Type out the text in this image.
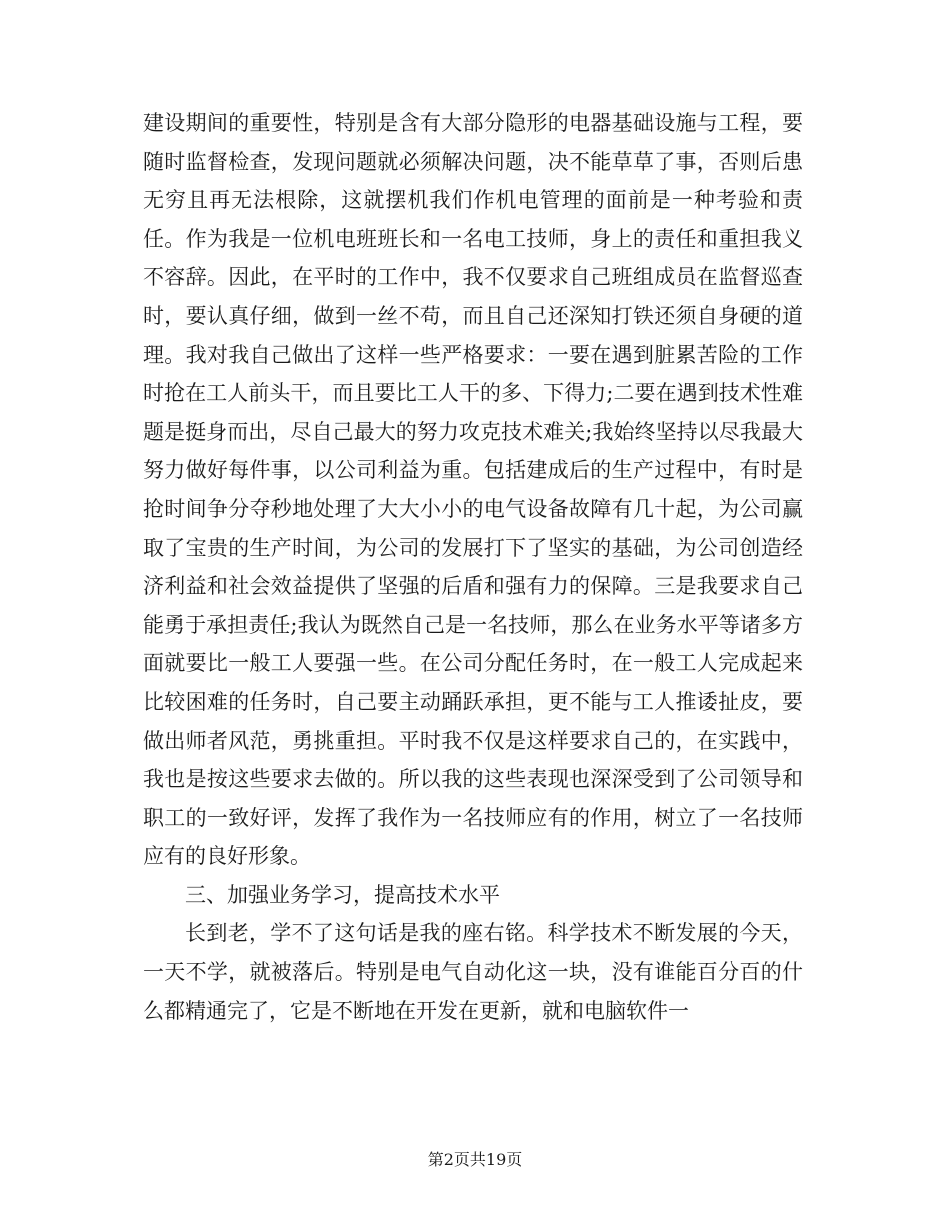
建设期间的重要性，特别是含有大部分隐形的电器基础设施与工程，要随时监督检查，发现问题就必须解决问题，决不能草草了事，否则后患无穷且再无法根除，这就摆机我们作机电管理的面前是一种考验和责任。作为我是一位机电班班长和一名电工技师，身上的责任和重担我义不容辞。因此，在平时的工作中，我不仅要求自己班组成员在监督巡查时，要认真仔细，做到一丝不苟，而且自己还深知打铁还须自身硬的道理。我对我自己做出了这样一些严格要求：一要在遇到脏累苦险的工作时抢在工人前头干，而且要比工人干的多、下得力;二要在遇到技术性难题是挺身而出，尽自己最大的努力攻克技术难关;我始终坚持以尽我最大努力做好每件事，以公司利益为重。包括建成后的生产过程中，有时是抢时间争分夺秒地处理了大大小小的电气设备故障有几十起，为公司赢取了宝贵的生产时间，为公司的发展打下了坚实的基础，为公司创造经济利益和社会效益提供了坚强的后盾和强有力的保障。三是我要求自己能勇于承担责任;我认为既然自己是一名技师，那么在业务水平等诸多方面就要比一般工人要强一些。在公司分配任务时，在一般工人完成起来比较困难的任务时，自己要主动踊跃承担，更不能与工人推诿扯皮，要做出师者风范，勇挑重担。平时我不仅是这样要求自己的，在实践中，我也是按这些要求去做的。所以我的这些表现也深深受到了公司领导和职工的一致好评，发挥了我作为一名技师应有的作用，树立了一名技师应有的良好形象。

三、加强业务学习，提高技术水平

长到老，学不了这句话是我的座右铭。科学技术不断发展的今天，一天不学，就被落后。特别是电气自动化这一块，没有谁能百分百的什么都精通完了，它是不断地在开发在更新，就和电脑软件一

第2页共19页
